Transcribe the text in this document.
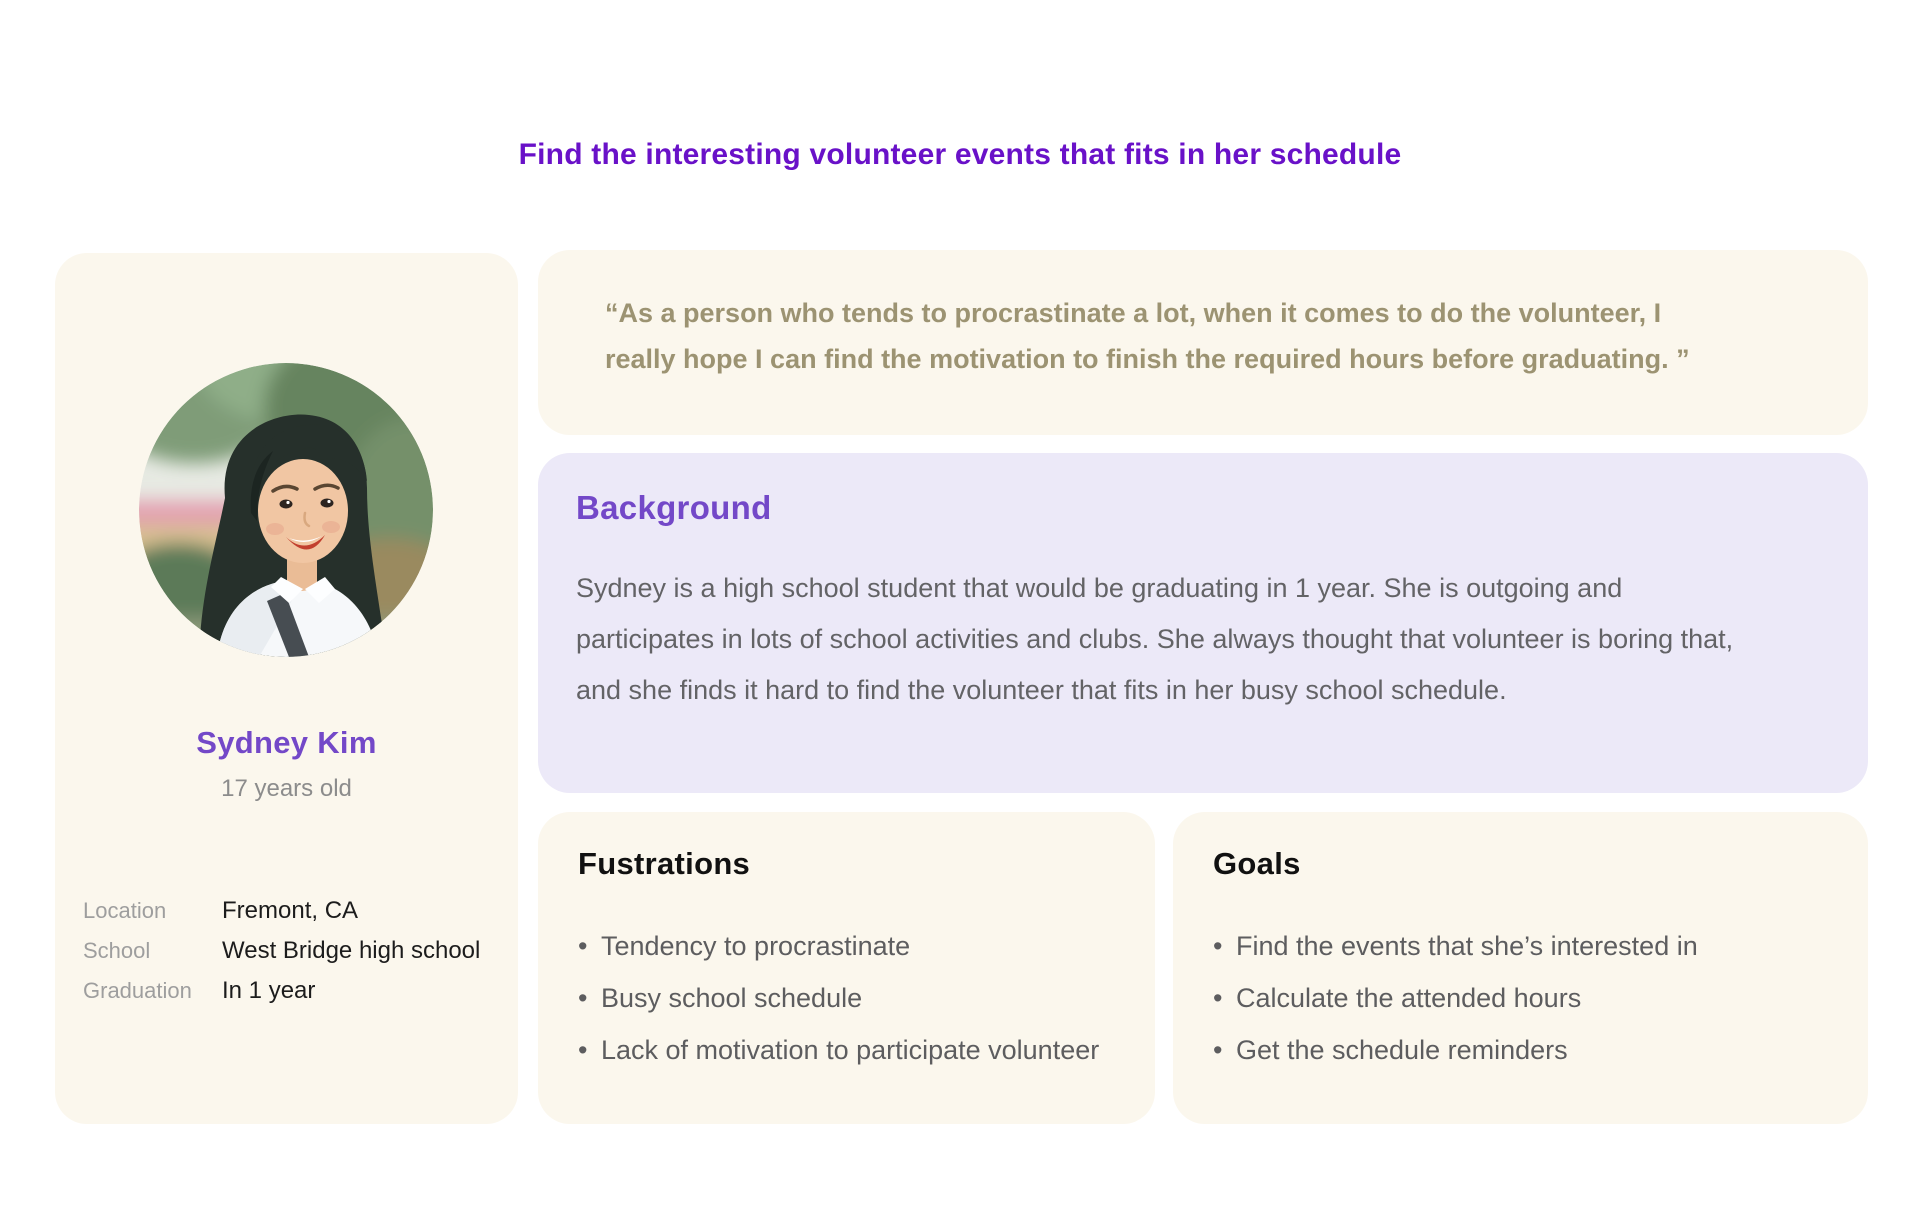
Find the interesting volunteer events that fits in her schedule
Sydney Kim
17 years old
Location	Fremont, CA
School	West Bridge high school
Graduation	In 1 year
“As a person who tends to procrastinate a lot, when it comes to do the volunteer, I
really hope I can find the motivation to finish the required hours before graduating. ”
Background
Sydney is a high school student that would be graduating in 1 year. She is outgoing and
participates in lots of school activities and clubs. She always thought that volunteer is boring that,
and she finds it hard to find the volunteer that fits in her busy school schedule.
Fustrations
• Tendency to procrastinate
• Busy school schedule
• Lack of motivation to participate volunteer
Goals
• Find the events that she’s interested in
• Calculate the attended hours
• Get the schedule reminders
